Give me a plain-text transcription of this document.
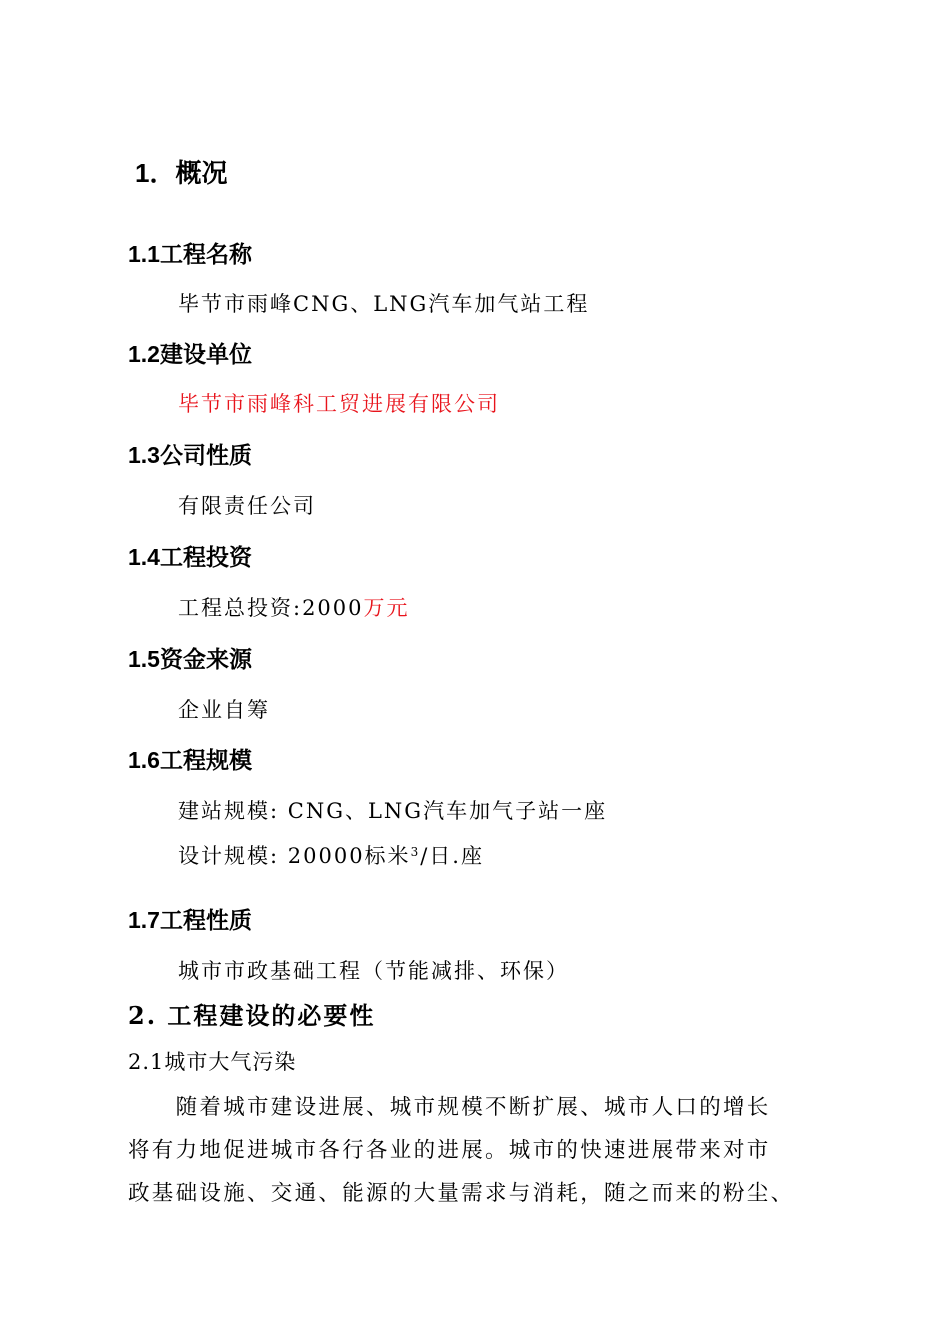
1．概况
1.1工程名称
毕节市雨峰CNG、LNG汽车加气站工程
1.2建设单位
毕节市雨峰科工贸进展有限公司
1.3公司性质
有限责任公司
1.4工程投资
工程总投资:2000万元
1.5资金来源
企业自筹
1.6工程规模
建站规模: CNG、LNG汽车加气子站一座
设计规模: 20000标米$^3$/日.座
1.7工程性质
城市市政基础工程（节能减排、环保）
2. 工程建设的必要性
2.1城市大气污染

　　随着城市建设进展、城市规模不断扩展、城市人口的增长

将有力地促进城市各行各业的进展。城市的快速进展带来对市

政基础设施、交通、能源的大量需求与消耗，随之而来的粉尘、
